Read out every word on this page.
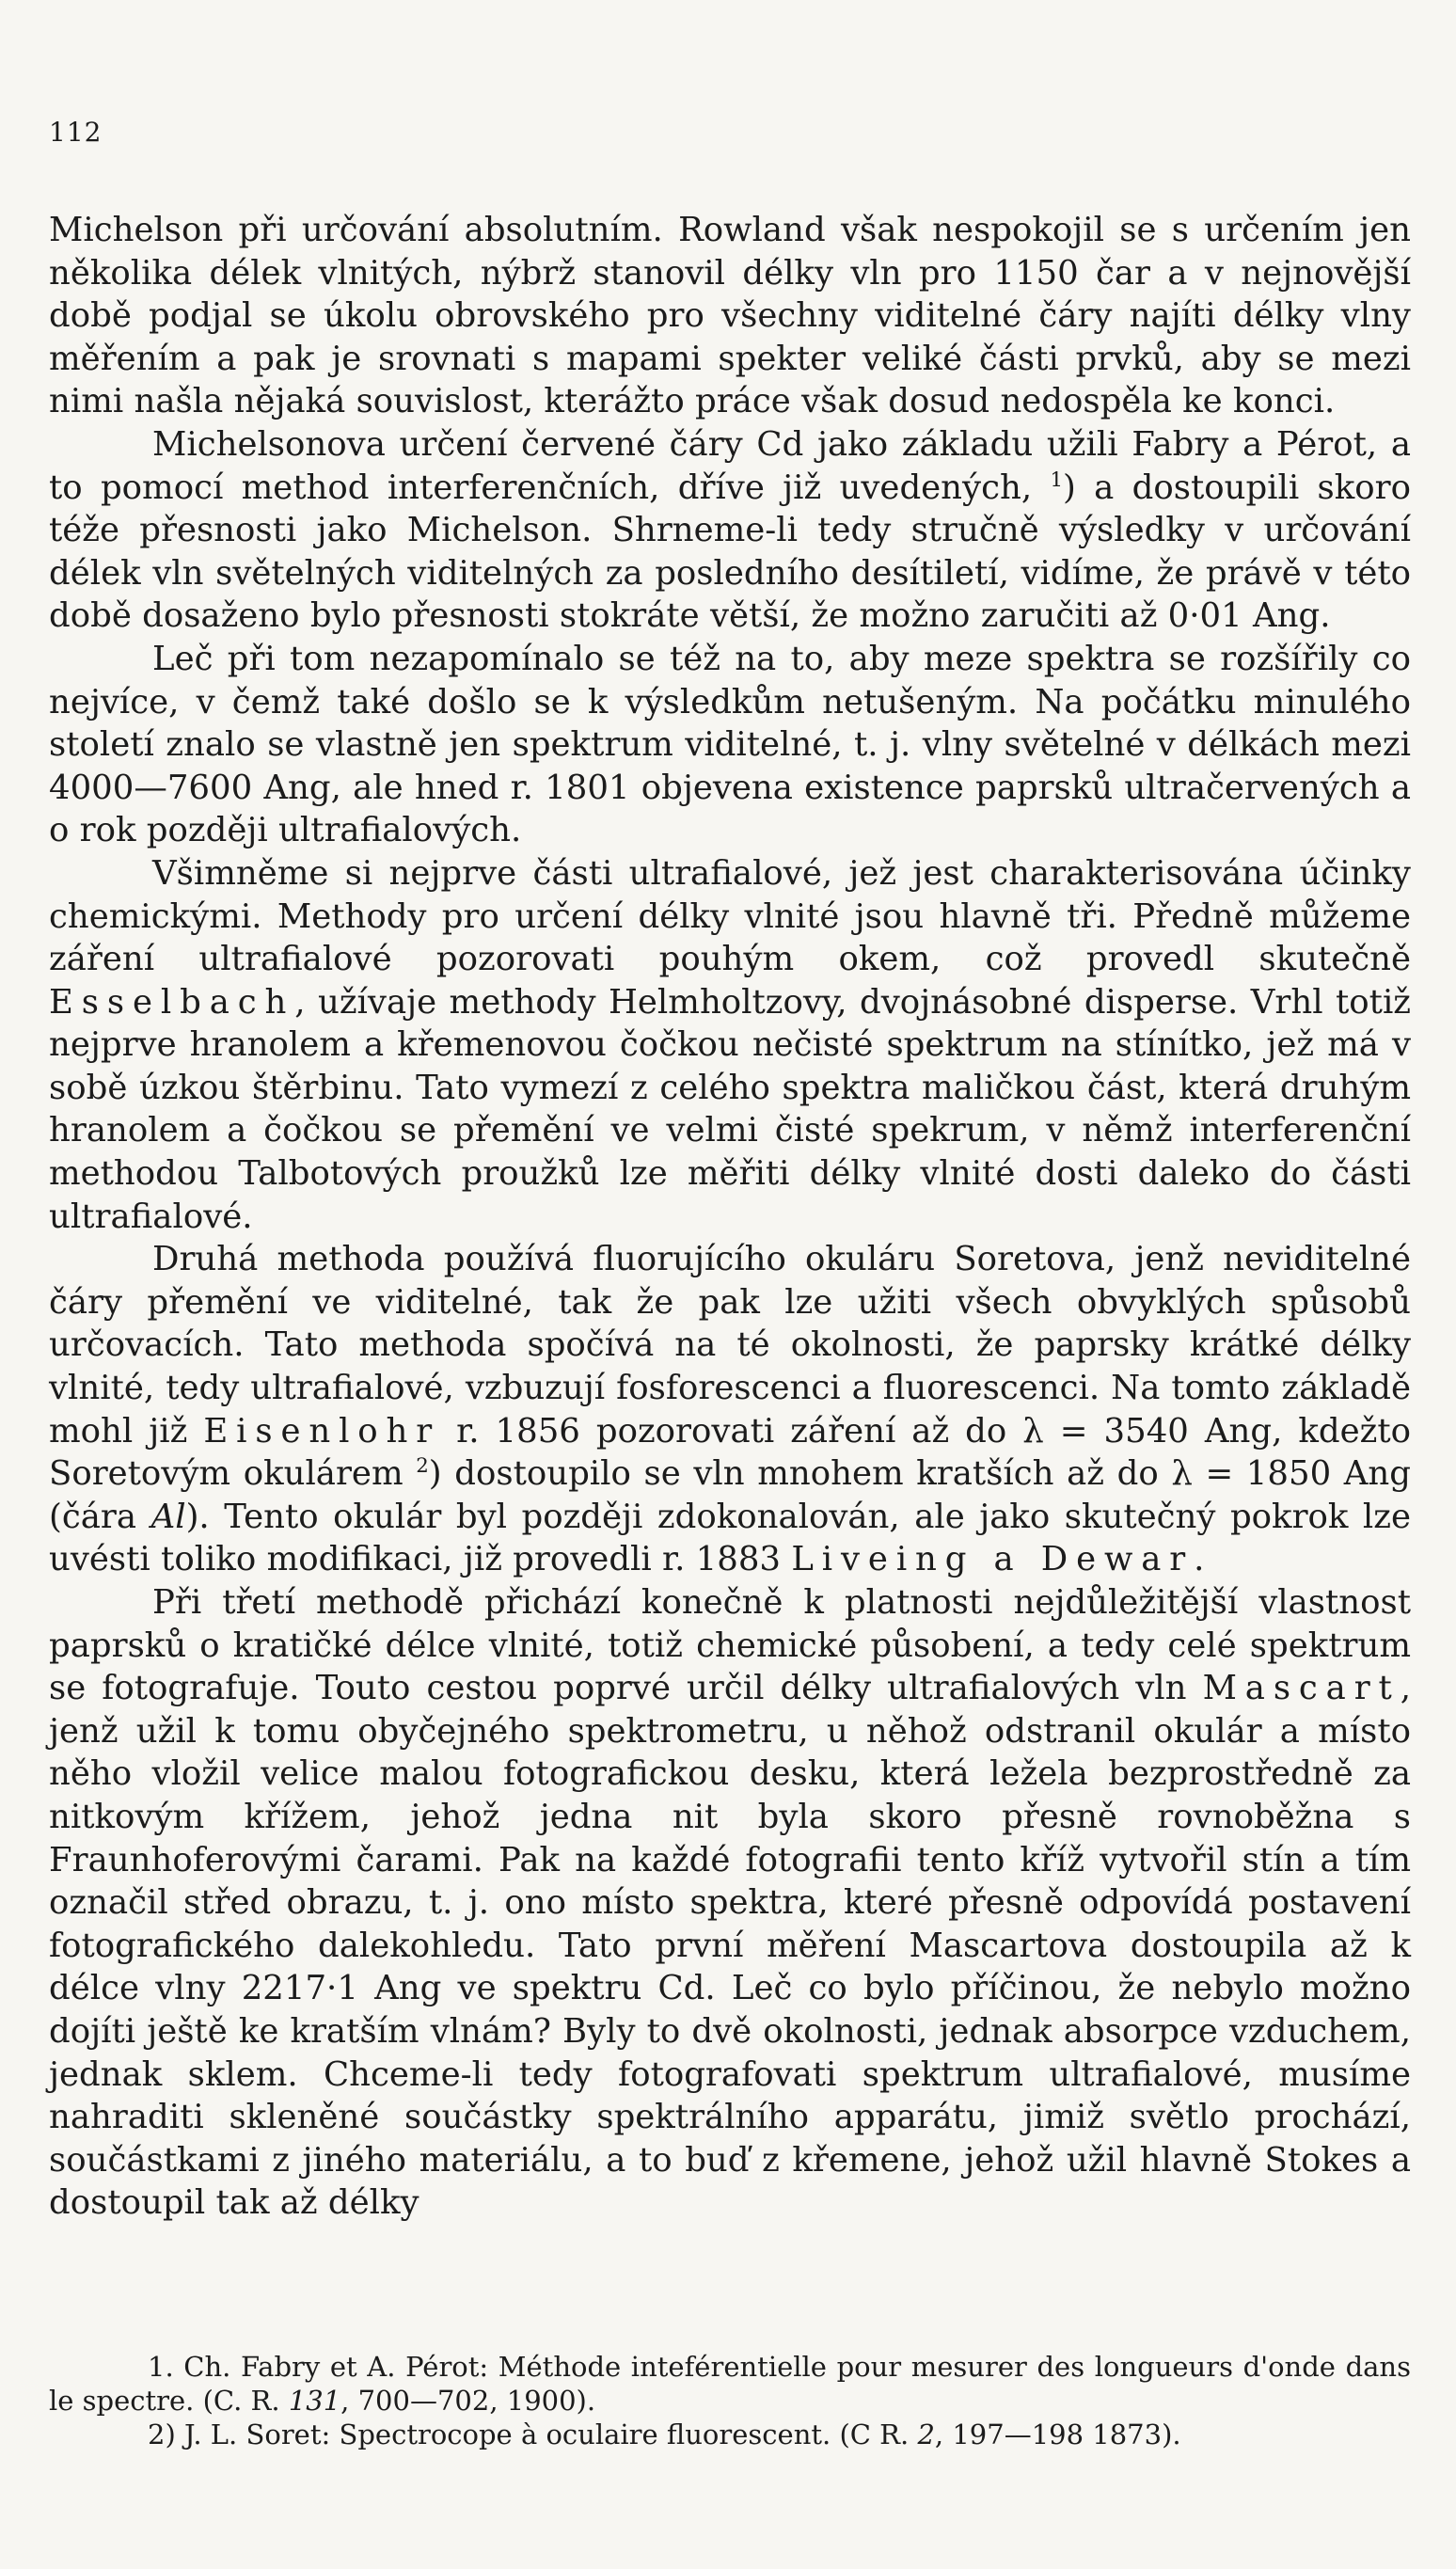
112

Michelson při určování absolutním. Rowland však nespokojil se s určením jen několika délek vlnitých, nýbrž stanovil délky vln pro 1150 čar a v nejnovější době podjal se úkolu obrovského pro všechny viditelné čáry najíti délky vlny měřením a pak je srovnati s mapami spekter veliké části prvků, aby se mezi nimi našla nějaká souvislost, kterážto práce však dosud nedospěla ke konci.

Michelsonova určení červené čáry Cd jako základu užili Fabry a Pérot, a to pomocí method interferenčních, dříve již uvedených, $^1$) a dostoupili skoro téže přesnosti jako Michelson. Shrneme-li tedy stručně výsledky v určování délek vln světelných viditelných za posledního desítiletí, vidíme, že právě v této době dosaženo bylo přesnosti stokráte větší, že možno zaručiti až 0·01 Ang.

Leč při tom nezapomínalo se též na to, aby meze spektra se rozšířily co nejvíce, v čemž také došlo se k výsledkům netušeným. Na počátku minulého století znalo se vlastně jen spektrum viditelné, t. j. vlny světelné v délkách mezi 4000—7600 Ang, ale hned r. 1801 objevena existence paprsků ultračervených a o rok později ultrafialových.

Všimněme si nejprve části ultrafialové, jež jest charakterisována účinky chemickými. Methody pro určení délky vlnité jsou hlavně tři. Předně můžeme záření ultrafialové pozorovati pouhým okem, což provedl skutečně Esselbach, užívaje methody Helmholtzovy, dvojnásobné disperse. Vrhl totiž nejprve hranolem a křemenovou čočkou nečisté spektrum na stínítko, jež má v sobě úzkou štěrbinu. Tato vymezí z celého spektra maličkou část, která druhým hranolem a čočkou se přemění ve velmi čisté spekrum, v němž interferenční methodou Talbotových proužků lze měřiti délky vlnité dosti daleko do části ultrafialové.

Druhá methoda používá fluorujícího okuláru Soretova, jenž neviditelné čáry přemění ve viditelné, tak že pak lze užiti všech obvyklých spůsobů určovacích. Tato methoda spočívá na té okolnosti, že paprsky krátké délky vlnité, tedy ultrafialové, vzbuzují fosforescenci a fluorescenci. Na tomto základě mohl již Eisenlohr r. 1856 pozorovati záření až do λ = 3540 Ang, kdežto Soretovým okulárem $^2$) dostoupilo se vln mnohem kratších až do λ = 1850 Ang (čára Al). Tento okulár byl později zdokonalován, ale jako skutečný pokrok lze uvésti toliko modifikaci, již provedli r. 1883 Liveing a Dewar.

Při třetí methodě přichází konečně k platnosti nejdůležitější vlastnost paprsků o kratičké délce vlnité, totiž chemické působení, a tedy celé spektrum se fotografuje. Touto cestou poprvé určil délky ultrafialových vln Mascart, jenž užil k tomu obyčejného spektrometru, u něhož odstranil okulár a místo něho vložil velice malou fotografickou desku, která ležela bezprostředně za nitkovým křížem, jehož jedna nit byla skoro přesně rovnoběžna s Fraunhoferovými čarami. Pak na každé fotografii tento kříž vytvořil stín a tím označil střed obrazu, t. j. ono místo spektra, které přesně odpovídá postavení fotografického dalekohledu. Tato první měření Mascartova dostoupila až k délce vlny 2217·1 Ang ve spektru Cd. Leč co bylo příčinou, že nebylo možno dojíti ještě ke kratším vlnám? Byly to dvě okolnosti, jednak absorpce vzduchem, jednak sklem. Chceme-li tedy fotografovati spektrum ultrafialové, musíme nahraditi skleněné součástky spektrálního apparátu, jimiž světlo prochází, součástkami z jiného materiálu, a to buď z křemene, jehož užil hlavně Stokes a dostoupil tak až délky

1. Ch. Fabry et A. Pérot: Méthode inteférentielle pour mesurer des longueurs d'onde dans le spectre. (C. R. 131, 700—702, 1900).

2) J. L. Soret: Spectrocope à oculaire fluorescent. (C R. 2, 197—198 1873).
